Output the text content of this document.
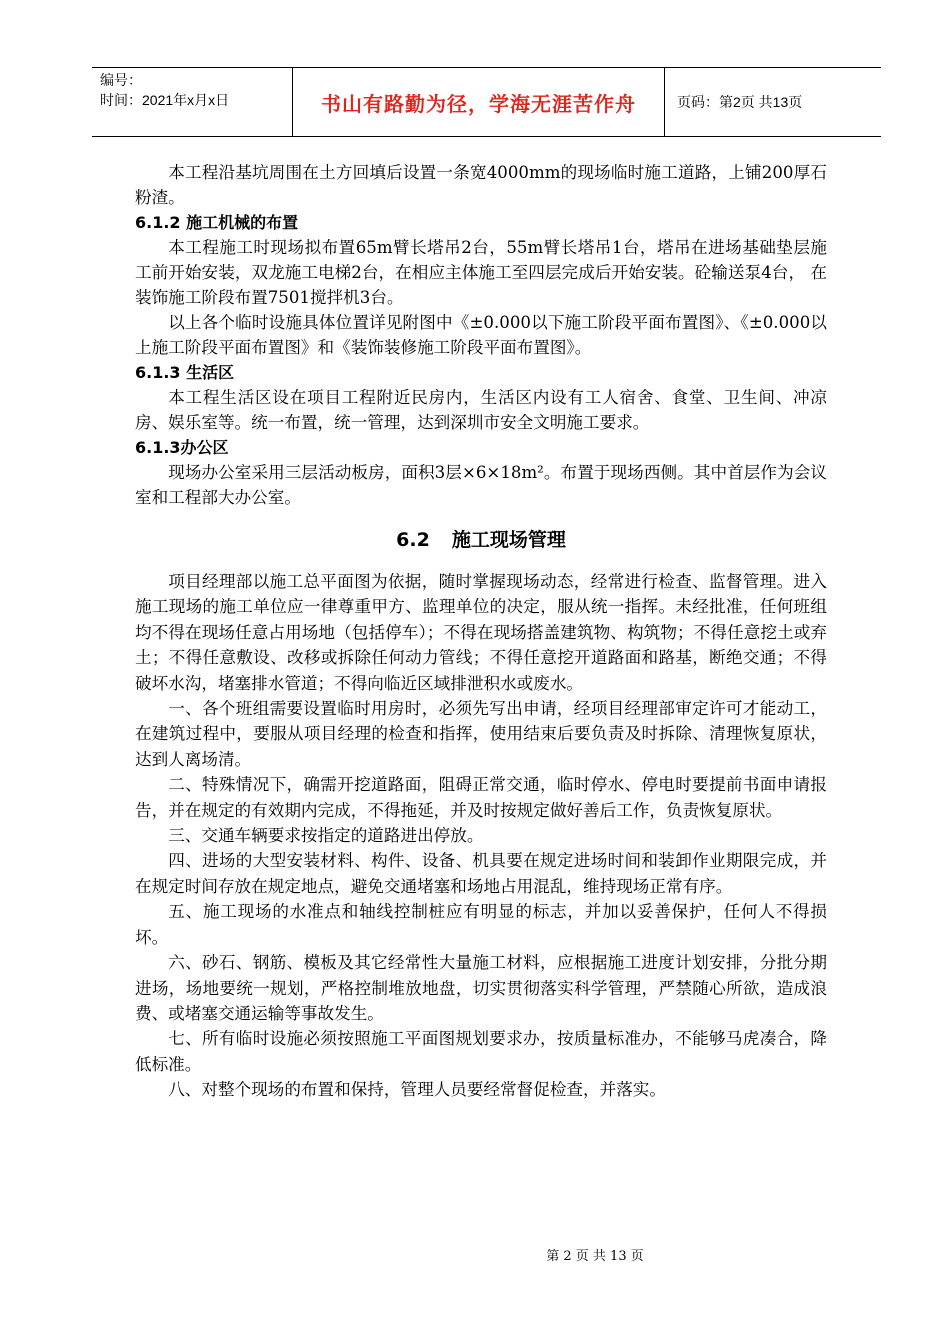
编号：
时间：2021年x月x日	书山有路勤为径，学海无涯苦作舟	页码：第2页 共13页

本工程沿基坑周围在土方回填后设置一条宽4000mm的现场临时施工道路，上铺200厚石粉渣。

6.1.2 施工机械的布置

本工程施工时现场拟布置65m臂长塔吊2台，55m臂长塔吊1台，塔吊在进场基础垫层施工前开始安装，双龙施工电梯2台，在相应主体施工至四层完成后开始安装。砼输送泵4台， 在装饰施工阶段布置7501搅拌机3台。

以上各个临时设施具体位置详见附图中《±0.000以下施工阶段平面布置图》、《±0.000以上施工阶段平面布置图》和《装饰装修施工阶段平面布置图》。

6.1.3 生活区

本工程生活区设在项目工程附近民房内，生活区内设有工人宿舍、食堂、卫生间、冲凉房、娱乐室等。统一布置，统一管理，达到深圳市安全文明施工要求。

6.1.3办公区

现场办公室采用三层活动板房，面积3层×6×18m²。布置于现场西侧。其中首层作为会议室和工程部大办公室。

6.2 施工现场管理

项目经理部以施工总平面图为依据，随时掌握现场动态，经常进行检查、监督管理。进入施工现场的施工单位应一律尊重甲方、监理单位的决定，服从统一指挥。未经批准，任何班组均不得在现场任意占用场地（包括停车）；不得在现场搭盖建筑物、构筑物；不得任意挖土或弃土；不得任意敷设、改移或拆除任何动力管线；不得任意挖开道路面和路基，断绝交通；不得破坏水沟，堵塞排水管道；不得向临近区域排泄积水或废水。

一、各个班组需要设置临时用房时，必须先写出申请，经项目经理部审定许可才能动工，在建筑过程中，要服从项目经理的检查和指挥，使用结束后要负责及时拆除、清理恢复原状，达到人离场清。

二、特殊情况下，确需开挖道路面，阻碍正常交通，临时停水、停电时要提前书面申请报告，并在规定的有效期内完成，不得拖延，并及时按规定做好善后工作，负责恢复原状。

三、交通车辆要求按指定的道路进出停放。

四、进场的大型安装材料、构件、设备、机具要在规定进场时间和装卸作业期限完成，并在规定时间存放在规定地点，避免交通堵塞和场地占用混乱，维持现场正常有序。

五、施工现场的水准点和轴线控制桩应有明显的标志，并加以妥善保护，任何人不得损坏。

六、砂石、钢筋、模板及其它经常性大量施工材料，应根据施工进度计划安排，分批分期进场，场地要统一规划，严格控制堆放地盘，切实贯彻落实科学管理，严禁随心所欲，造成浪费、或堵塞交通运输等事故发生。

七、所有临时设施必须按照施工平面图规划要求办，按质量标准办，不能够马虎凑合，降低标准。

八、对整个现场的布置和保持，管理人员要经常督促检查，并落实。

第 2 页 共 13 页
